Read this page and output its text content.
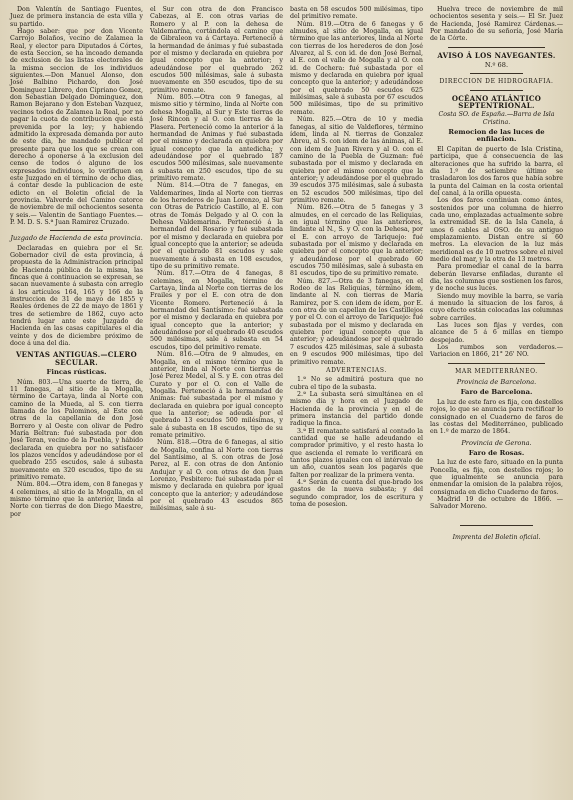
Don Valentín de Santiago Fuentes, Juez de primera instancia de esta villa y su partido.

Hago saber: que por don Vicente Carrojo Bolaños, vecino de Zalamea la Real, y elector para Diputados á Córtes, de esta Seccion, se ha incoado demanda de exclusion de las listas electorales de la misma seccion de los individuos siguientes.—Don Manuel Alonso, don José Balbino Pichardo, don José Dominguez Librero, don Cipriano Gomez, don Sebastian Delgado Dominguez, don Ramon Bejarano y don Esteban Vazquez, vecinos todos de Zalamea la Real, por no pagar la cuota de contribucion que está prevenida por la ley; y habiendo admitido la expresada demanda por auto de este dia, he mandado publicar el presente para que los que se crean con derecho á oponerse á la exclusion del censo de todos ó alguno de los expresados individuos, lo verifiquen en este Juzgado en el término de ocho dias, á contar desde la publicacion de este edicto en el Boletin oficial de la provincia. Valverde del Camino catorce de noviembre de mil ochocientos sesenta y seis.— Valentin de Santiago Fuentes.— P. M. D. S. S.ª Juan Ramirez Cruzado.

Juzgado de Hacienda de esta provincia.

Declaradas en quiebra por el Sr. Gobernador civil de esta provincia, á propuesta de la Administracion principal de Hacienda pública de la misma, las fincas que á continuacion se expresan, se sacan nuevamente á subasta con arreglo á los artículos 164, 165 y 166 de la instruccion de 31 de mayo de 1855 y Reales órdenes de 22 de mayo de 1861 y tres de setiembre de 1862, cuyo acto tendrá lugar ante este Juzgado de Hacienda en las casas capitulares el dia veinte y dos de diciembre próximo de doce á una del dia.

VENTAS ANTIGUAS.—CLERO SECULAR.
Fincas rústicas.

Núm. 803.—Una suerte de tierra, de 11 fanegas, al sitio de la Mogalla, término de Cartaya, linda al Norte con camino de la Mueda, al S. con tierra llamada de los Palominos, al Este con otras de la capellania de don José Borrero y al Oeste con olivar de Pedro María Beltran: fué subastada por don José Teran, vecino de la Puebla, y hábido declarada en quiebra por no satisfacer los plazos vencidos y adeudándose por el quebrado 255 escudos, sale á subasta nuevamente en 320 escudos, tipo de su primitivo remate.

Núm. 804.—Otra idem, con 8 fanegas y 4 celemines, al sitio de la Mogalla, en el mismo término que la anterior, linda al Norte con tierras de don Diego Maestre, por

el Sur con otra de don Francisco Cabezas, al E. con otras varias de Romero y al P. con la dehesa de Valdemarina, cortándola el camino que de Gibraleon va á Cartaya. Pertenecíó á la hermandad de ánimas y fué subastada por el mismo y declarada en quiebra por igual concepto que la anterior; y adeudándose por el quebrado 262 escudos 500 milésimas, sale á subasta nuevamente en 350 escudos, tipo de su primitivo remate.

Núm. 805.—Otra con 9 fanegas, al mismo sitio y término, linda al Norte con dehesa Mogalla, al Sur y Este tierras de José Rincon y al O. con tierras de la Plasera. Perteneció como la anterior á la hermandad de Animas y fué subastada por el mismo y declarada en quiebra por igual concepto que la antedicha; y adeudándose por el quebrado 187 escudos 500 milésimas, sale nuevamente á subasta en 250 escudos, tipo de su primitivo remate.

Núm. 814.—Otra de 7 fanegas, en Valdemarines, linda al Norte con tierras de los herederos de Juan Lorenzo, al Sur con Otras de Patricio Castillo, al E. con otras de Tomás Delgado y al O. con la Dehesa Valdemarina. Perteneció á la hermandad del Rosario y fué subastada por el mismo y declarada en quiebra por igual concepto que la anterior; se adeuda por el quebrado 81 escudos y sale nuevamente á subasta en 108 escudos, tipo de su primitivo remate.

Núm. 817.—Otra de 4 fanegas, 8 celemines, en Mogalla, término de Cartaya, linda al Norte con tierras de los Frailes y por el E. con otra de don Vicente Romero. Pertenecíó á la hermandad del Santísimo: fué subastada por el mismo y declarada en quiebra por igual concepto que la anterior; y adeudándose por el quebrado 40 escudos 500 milésimas, sale á subasta en 54 escudos, tipo del primitivo remate.

Núm. 816.—Otra de 9 almudes, en Mogalla, en el mismo término que la anterior, linda al Norte con tierras de José Perez Medel, al S. y E. con otras del Curato y por el O. con el Valle de Mogalla. Perteneció á la hermandad de Animas: fué subastada por el mismo y declarada en quiebra por igual concepto que la anterior; se adeuda por el quebrado 13 escudos 500 milésimas, y sale á subasta en 18 escudos, tipo de su remate primitivo.

Núm. 818.—Otra de 6 fanegas, al sitio de Mogalla, confina al Norte con tierras del Santísimo, al S. con otras de José Perez, al E. con otras de don Antonio Andujar y al O. con otras de don Juan Lorenzo, Pesbitero: fué subastada por el mismo y declarada en quiebra por igual concepto que la anterior; y adeudándose por el quebrado 43 escudos 865 milésimas, sale á su-

basta en 58 escudos 500 milésimas, tipo del primitivo remate.

Núm. 819.—Otra de 6 fanegas y 6 almudes, al sitio de Mogalla, en igual término que las anteriores, linda al Norte con tierras de los herederos de don José Alvarez, al S. con id. de don José Bernal, al E. con el valle de Mogalla y al O. con id. de Cochera: fué subastada por el mismo y declarada en quiebra por igual concepto que la anterior; y adeudándose por el quebrado 50 escudos 625 milésimas, sale á subasta por 67 escudos 500 milésimas, tipo de su primitivo remate.

Núm. 825.—Otra de 10 y media fanegas, al sitio de Valdeflores, término ídem, linda al N. tierras de Gonzalez Abreu, al S. con idem de las ánimas, al E. con idem de Juan Rivera y al O. con el camino de la Puebla de Guzman: fué subastada por el mismo y declarada en quiebra por el mismo concepto que la anterior; y adeudándose por el quebrado 39 escudos 375 milésimas, sale á subasta en 52 escudos 500 milésimas, tipo del primitivo remate.

Núm. 826.—Otra de 5 fanegas y 3 almudes, en el cercado de las Reliquias, en igual término que las anteriores, lindante al N., S. y O. con la Dehesa, por el E. con arroyo de Tariquejo: fué subastada por el mismo y declarada en quiebra por el concepto que la anterior; y adeudándose por el quebrado 60 escudos 750 milésimas, sale á subasta en 81 escudos, tipo de su primitivo remate.

Núm. 827.—Otra de 3 fanegas, en el Rodeo de las Reliquias, término ídem, lindante al N. con tierras de María Ramirez, por S. con idem de ídem, por E. con otra de un capellan de los Castillejos y por el O. con el arroyo de Tariquejo: fué subastada por el mismo y declarada en quiebra por igual concepto que la anterior; y adeudándose por el quebrado 7 escudos 425 milésimas, sale á subasta en 9 escudos 900 milésimas, tipo del primitivo remate.

ADVERTENCIAS.

1.ª No se admitirá postura que no cubra el tipo de la subasta.

2.ª La subasta será simultánea en el mismo dia y hora en el Juzgado de Hacienda de la provincia y en el de primera instancia del partido donde radique la finca.

3.ª El rematante satisfará al contado la cantidad que se halle adeudando el comprador primitivo, y el resto hasta lo que ascienda el remate lo verificará en tantos plazos iguales con el intérvalo de un año, cuantos sean los pagarés que falten por realizar de la primera venta.

4.ª Serán de cuenta del que-brado los gastos de la nueva subasta; y del segundo comprador, los de escritura y toma de posesion.

Huelva trece de noviembre de mil ochocientos sesenta y seis.— El Sr. Juez de Hacienda, José Ramirez Cárdenas.—Por mandado de su señoría, José María de la Córte.

AVISO Á LOS NAVEGANTES.
N.º 68.
DIRECCION DE HIDROGRAFIA.
OCÉANO ATLÁNTICO SEPTENTRIONAL.

Costa SO. de España.—Barra de Isla Cristina.

Remocion de las luces de enfilacion.

El Capitan de puerto de Isla Cristina, participa, que á consecuencia de las alteraciones que ha sufrido la barra, el dia 1.º de setiembre último se trasladaron los dos faros que había sobre la punta del Caiman en la costa oriental del canal, á la orilla opuesta.

Los dos faros continúan como ántes, sostenidos por una columna de hierro cada uno, emplazadas actualmente sobre la extremidad SE. de la Isla Canela, á unos 6 cables al OSO. de su antiguo emplazamiento. Distan entre sí 60 metros. La elevacion de la luz más meridional es de 10 metros sobre el nivel medio del mar, y la otra de 13 metros.

Para promediar el canal de la barra deberán llevarse enfiladas, durante el dia, las columnas que sostienen los faros, y de noche sus luces.

Siendo muy movible la barra, se varía á menudo la situacion de los faros, á cuyo efecto están colocadas las columnas sobre carriles.

Las luces son fijas y verdes, con alcance de 5 á 6 millas en tiempo despejado.

Los rumbos son verdaderos.— Variacion en 1866, 21° 26' NO.

MAR MEDITERRÁNEO.
Provincia de Barcelona.
Faro de Barcelona.

La luz de este faro es fija, con destellos rojos, lo que se anuncia para rectificar lo consignado en el Cuaderno de faros de las costas del Mediterráneo, publicado en 1.º de marzo de 1864.

Provincia de Gerona.
Faro de Rosas.

La luz de este faro, situado en la punta Poncella, es fija, con destellos rojos; lo que igualmente se anuncia para enmendar la omision de la palabra rojos, consignada en dicho Cuaderno de faros.

Madrid 19 de octubre de 1866. —Salvador Moreno.

Imprenta del Boletin oficial.
